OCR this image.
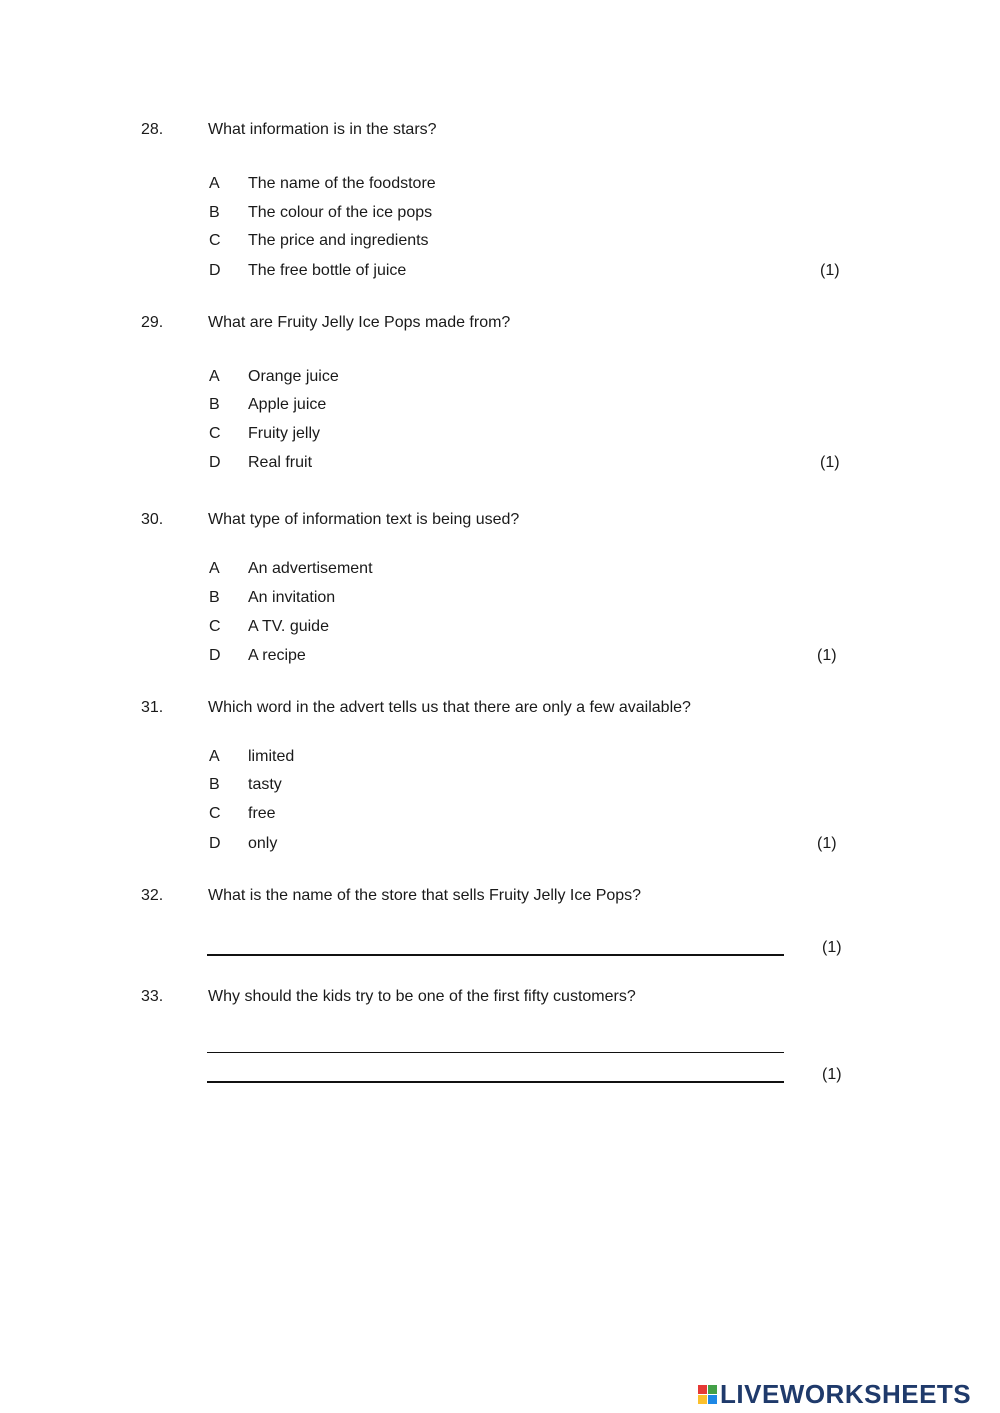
28.	What information is in the stars?
A The name of the foodstore
B The colour of the ice pops
C The price and ingredients
D The free bottle of juice	(1)
29.	What are Fruity Jelly Ice Pops made from?
A Orange juice
B Apple juice
C Fruity jelly
D Real fruit	(1)
30.	What type of information text is being used?
A An advertisement
B An invitation
C A TV. guide
D A recipe	(1)
31.	Which word in the advert tells us that there are only a few available?
A limited
B tasty
C free
D only	(1)
32.	What is the name of the store that sells Fruity Jelly Ice Pops?
(1)
33.	Why should the kids try to be one of the first fifty customers?
(1)
LIVEWORKSHEETS
